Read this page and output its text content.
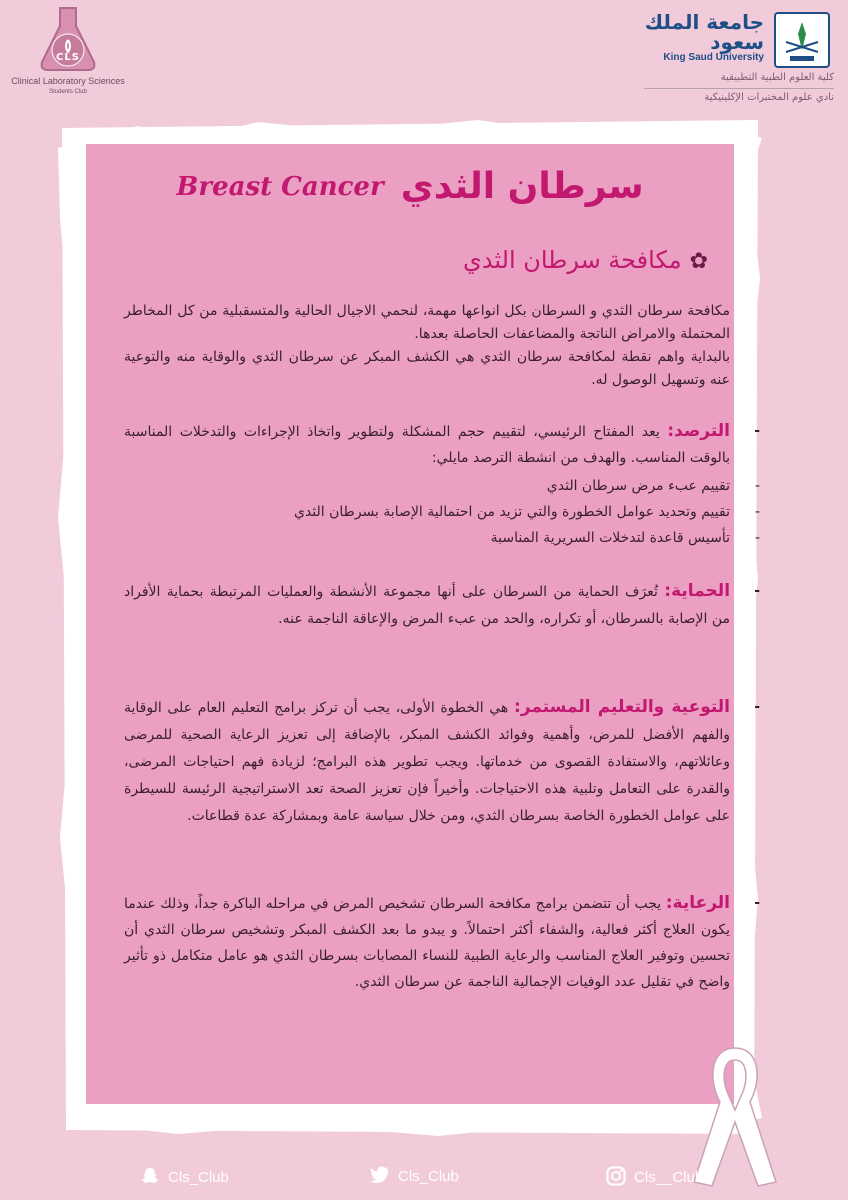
CLS
Clinical Laboratory Sciences
Students Club
جامعة الملك سعود
King Saud University
كلية العلوم الطبية التطبيقية
نادي علوم المختبرات الإكلينيكية
سرطان الثدي Breast Cancer
✿مكافحة سرطان الثدي

مكافحة سرطان الثدي و السرطان بكل انواعها مهمة، لنحمي الاجيال الحالية والمتسقبلية من كل المخاطر المحتملة والامراض الناتجة والمضاعفات الحاصلة بعدها.

بالبداية واهم نقطة لمكافحة سرطان الثدي هي الكشف المبكر عن سرطان الثدي والوقاية منه والتوعية عنه وتسهيل الوصول له.

-
الترصد: يعد المفتاح الرئيسي، لتقييم حجم المشكلة ولتطوير واتخاذ الإجراءات والتدخلات المناسبة بالوقت المناسب. والهدف من انشطة الترصد مايلي:
-
تقييم عبء مرض سرطان الثدي
-
تقييم وتحديد عوامل الخطورة والتي تزيد من احتمالية الإصابة بسرطان الثدي
-
تأسيس قاعدة لتدخلات السريرية المناسبة
-
الحماية: تُعرَف الحماية من السرطان على أنها مجموعة الأنشطة والعمليات المرتبطة بحماية الأفراد من الإصابة بالسرطان، أو تكراره، والحد من عبء المرض والإعاقة الناجمة عنه.
-
التوعية والتعليم المستمر: هي الخطوة الأولى، يجب أن تركز برامج التعليم العام على الوقاية والفهم الأفضل للمرض، وأهمية وفوائد الكشف المبكر، بالإضافة إلى تعزيز الرعاية الصحية للمرضى وعائلاتهم، والاستفادة القصوى من خدماتها. ويجب تطوير هذه البرامج؛ لزيادة فهم احتياجات المرضى، والقدرة على التعامل وتلبية هذه الاحتياجات. وأخيراً فإن تعزيز الصحة تعد الاستراتيجية الرئيسة للسيطرة على عوامل الخطورة الخاصة بسرطان الثدي، ومن خلال سياسة عامة وبمشاركة عدة قطاعات.
-
الرعاية: يجب أن تتضمن برامج مكافحة السرطان تشخيص المرض في مراحله الباكرة جداً، وذلك عندما يكون العلاج أكثر فعالية، والشفاء أكثر احتمالاً. و يبدو ما بعد الكشف المبكر وتشخيص سرطان الثدي أن تحسين وتوفير العلاج المناسب والرعاية الطبية للنساء المصابات بسرطان الثدي هو عامل متكامل ذو تأثير واضح في تقليل عدد الوفيات الإجمالية الناجمة عن سرطان الثدي.
Cls_Club	Cls_Club	Cls__Club
